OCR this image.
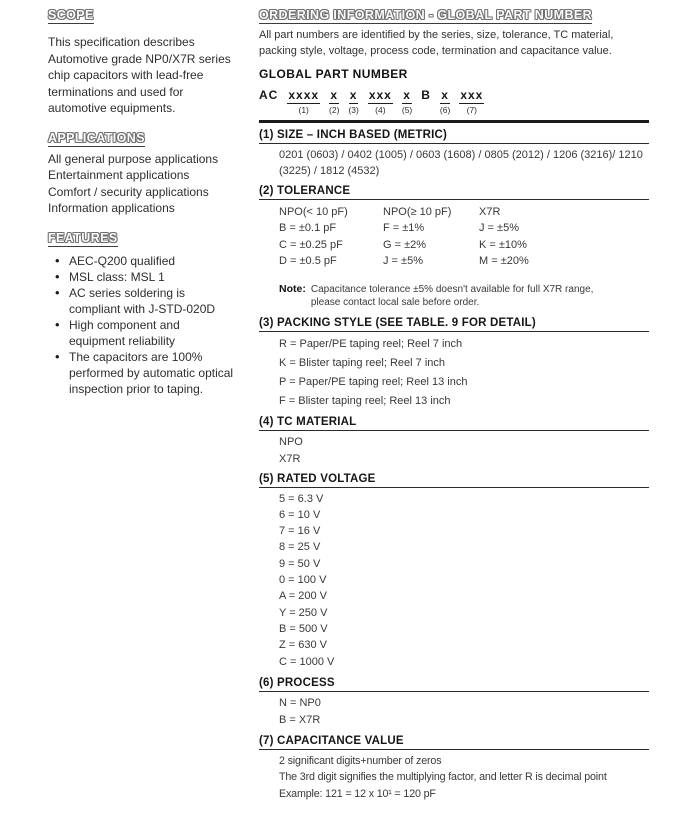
SCOPE
This specification describes
Automotive grade NP0/X7R series
chip capacitors with lead-free
terminations and used for
automotive equipments.
APPLICATIONS
All general purpose applications
Entertainment applications
Comfort / security applications
Information applications
FEATURES
• AEC-Q200 qualified
• MSL class: MSL 1
• AC series soldering is
compliant with J-STD-020D
• High component and
equipment reliability
• The capacitors are 100%
performed by automatic optical
inspection prior to taping.
ORDERING INFORMATION - GLOBAL PART NUMBER
All part numbers are identified by the series, size, tolerance, TC material, packing style, voltage, process code, termination and capacitance value.
GLOBAL PART NUMBER
AC xxxx
(1)
x
(2)
x
(3)
xxx
(4)
x
(5)
B x
(6)
xxx
(7)
(1) SIZE – INCH BASED (METRIC)
0201 (0603) / 0402 (1005) / 0603 (1608) / 0805 (2012) / 1206 (3216)/ 1210 (3225) / 1812 (4532)
(2) TOLERANCE
NPO(< 10 pF)
B = ±0.1 pF
C = ±0.25 pF
D = ±0.5 pF
NPO(≥ 10 pF)
F = ±1%
G = ±2%
J = ±5%
X7R
J = ±5%
K = ±10%
M = ±20%
Note: Capacitance tolerance ±5% doesn't available for full X7R range,
please contact local sale before order.
(3) PACKING STYLE (SEE TABLE. 9 FOR DETAIL)
R = Paper/PE taping reel; Reel 7 inch
K = Blister taping reel; Reel 7 inch
P = Paper/PE taping reel; Reel 13 inch
F = Blister taping reel; Reel 13 inch
(4) TC MATERIAL
NPO
X7R
(5) RATED VOLTAGE
5 = 6.3 V
6 = 10 V
7 = 16 V
8 = 25 V
9 = 50 V
0 = 100 V
A = 200 V
Y = 250 V
B = 500 V
Z = 630 V
C = 1000 V
(6) PROCESS
N = NP0
B = X7R
(7) CAPACITANCE VALUE
2 significant digits+number of zeros
The 3rd digit signifies the multiplying factor, and letter R is decimal point
Example: 121 = 12 x 10¹ = 120 pF
